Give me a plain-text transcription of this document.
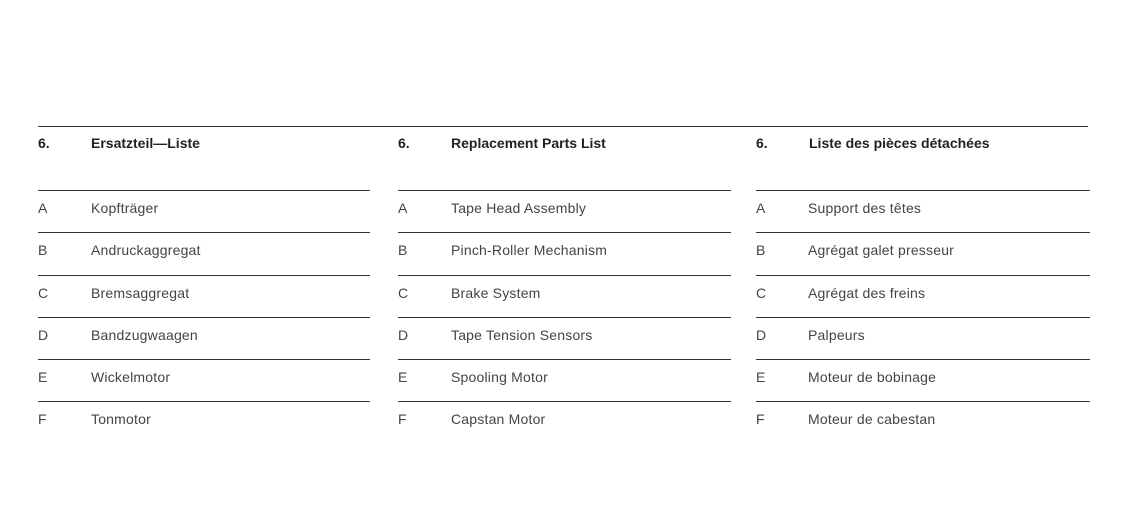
6.	Ersatzteil—Liste
A	Kopfträger
B	Andruckaggregat
C	Bremsaggregat
D	Bandzugwaagen
E	Wickelmotor
F	Tonmotor
6.	Replacement Parts List
A	Tape Head Assembly
B	Pinch-Roller Mechanism
C	Brake System
D	Tape Tension Sensors
E	Spooling Motor
F	Capstan Motor
6.	Liste des pièces détachées
A	Support des têtes
B	Agrégat galet presseur
C	Agrégat des freins
D	Palpeurs
E	Moteur de bobinage
F	Moteur de cabestan
